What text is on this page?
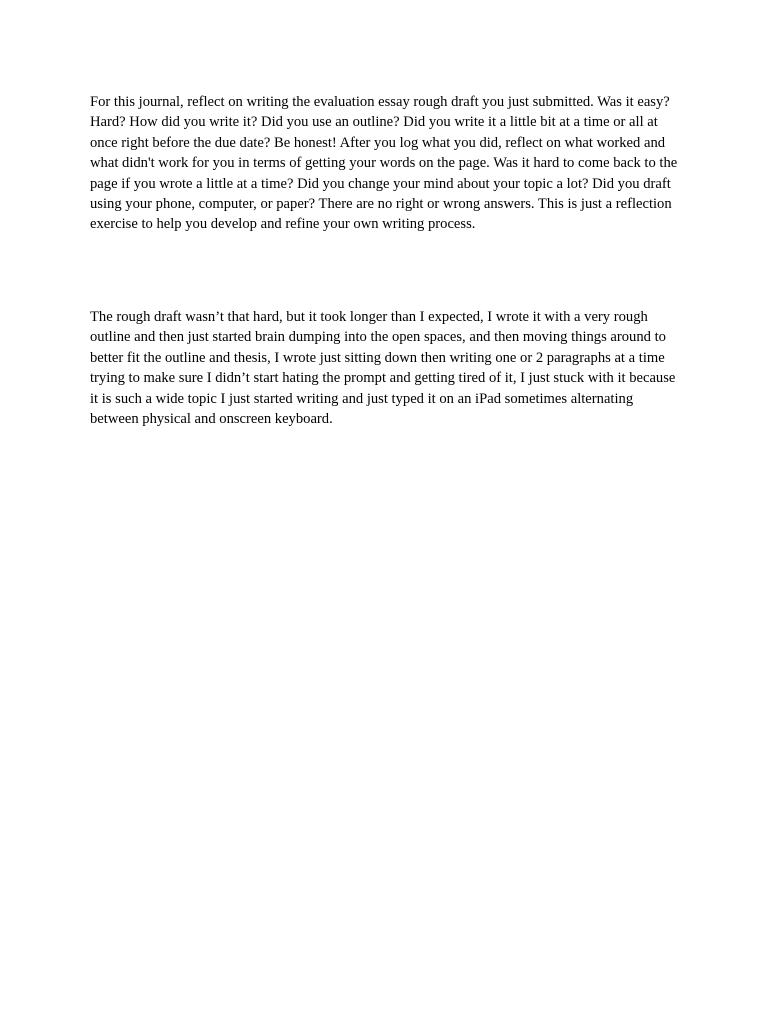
For this journal, reflect on writing the evaluation essay rough draft you just submitted. Was it easy? Hard? How did you write it? Did you use an outline? Did you write it a little bit at a time or all at once right before the due date? Be honest! After you log what you did, reflect on what worked and what didn't work for you in terms of getting your words on the page. Was it hard to come back to the page if you wrote a little at a time? Did you change your mind about your topic a lot? Did you draft using your phone, computer, or paper? There are no right or wrong answers. This is just a reflection exercise to help you develop and refine your own writing process.

The rough draft wasn’t that hard, but it took longer than I expected, I wrote it with a very rough outline and then just started brain dumping into the open spaces, and then moving things around to better fit the outline and thesis, I wrote just sitting down then writing one or 2 paragraphs at a time trying to make sure I didn’t start hating the prompt and getting tired of it, I just stuck with it because it is such a wide topic I just started writing and just typed it on an iPad sometimes alternating between physical and onscreen keyboard.
